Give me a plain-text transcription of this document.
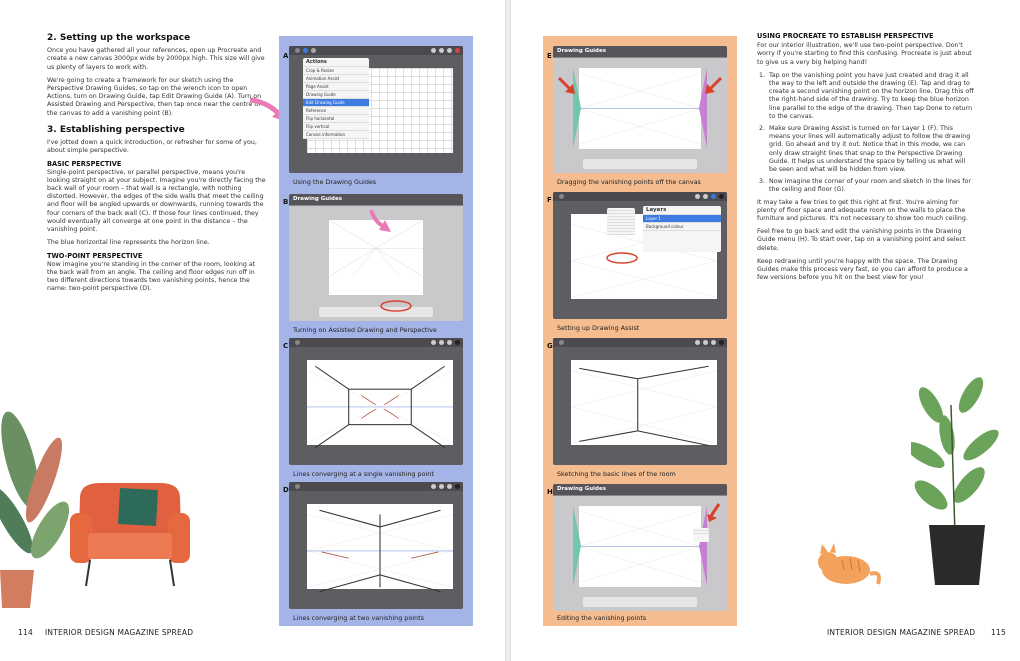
2. Setting up the workspace
Once you have gathered all your references, open up Procreate and create a new canvas 3000px wide by 2000px high. This size will give us plenty of layers to work with.
We're going to create a framework for our sketch using the Perspective Drawing Guides, so tap on the wrench icon to open Actions, turn on Drawing Guide, tap Edit Drawing Guide (A). Turn on Assisted Drawing and Perspective, then tap once near the centre of the canvas to add a vanishing point (B).
3. Establishing perspective
I've jotted down a quick introduction, or refresher for some of you, about simple perspective.
BASIC PERSPECTIVE
Single-point perspective, or parallel perspective, means you're looking straight on at your subject. Imagine you're directly facing the back wall of your room – that wall is a rectangle, with nothing distorted. However, the edges of the side walls that meet the ceiling and floor will be angled upwards or downwards, running towards the four corners of the back wall (C). If those four lines continued, they would eventually all converge at one point in the distance – the vanishing point.
The blue horizontal line represents the horizon line.
TWO-POINT PERSPECTIVE
Now imagine you're standing in the corner of the room, looking at the back wall from an angle. The ceiling and floor edges run off in two different directions towards two vanishing points, hence the name: two-point perspective (D).
114 INTERIOR DESIGN MAGAZINE SPREAD
A
Actions
Crop & Resize
Animation Assist
Page Assist
Drawing Guide
Edit Drawing Guide
Reference
Flip horizontal
Flip vertical
Canvas information
Using the Drawing Guides
B Drawing Guides
Turning on Assisted Drawing and Perspective
C
Lines converging at a single vanishing point
D
Lines converging at two vanishing points
E
Drawing Guides
Dragging the vanishing points off the canvas
F
Layers
Layer 1
Background colour
Setting up Drawing Assist
G
Sketching the basic lines of the room
H Drawing Guides
Editing the vanishing points
USING PROCREATE TO ESTABLISH PERSPECTIVE
For our interior illustration, we'll use two-point perspective. Don't worry if you're starting to find this confusing. Procreate is just about to give us a very big helping hand!
1. Tap on the vanishing point you have just created and drag it all the way to the left and outside the drawing (E). Tap and drag to create a second vanishing point on the horizon line. Drag this off the right-hand side of the drawing. Try to keep the blue horizon line parallel to the edge of the drawing. Then tap Done to return to the canvas.
2. Make sure Drawing Assist is turned on for Layer 1 (F). This means your lines will automatically adjust to follow the drawing grid. Go ahead and try it out. Notice that in this mode, we can only draw straight lines that snap to the Perspective Drawing Guide. It helps us understand the space by telling us what will be seen and what will be hidden from view.
3. Now imagine the corner of your room and sketch in the lines for the ceiling and floor (G).
It may take a few tries to get this right at first. You're aiming for plenty of floor space and adequate room on the walls to place the furniture and pictures. It's not necessary to show too much ceiling.
Feel free to go back and edit the vanishing points in the Drawing Guide menu (H). To start over, tap on a vanishing point and select delete.
Keep redrawing until you're happy with the space. The Drawing Guides make this process very fast, so you can afford to produce a few versions before you hit on the best view for you!
INTERIOR DESIGN MAGAZINE SPREAD 115
